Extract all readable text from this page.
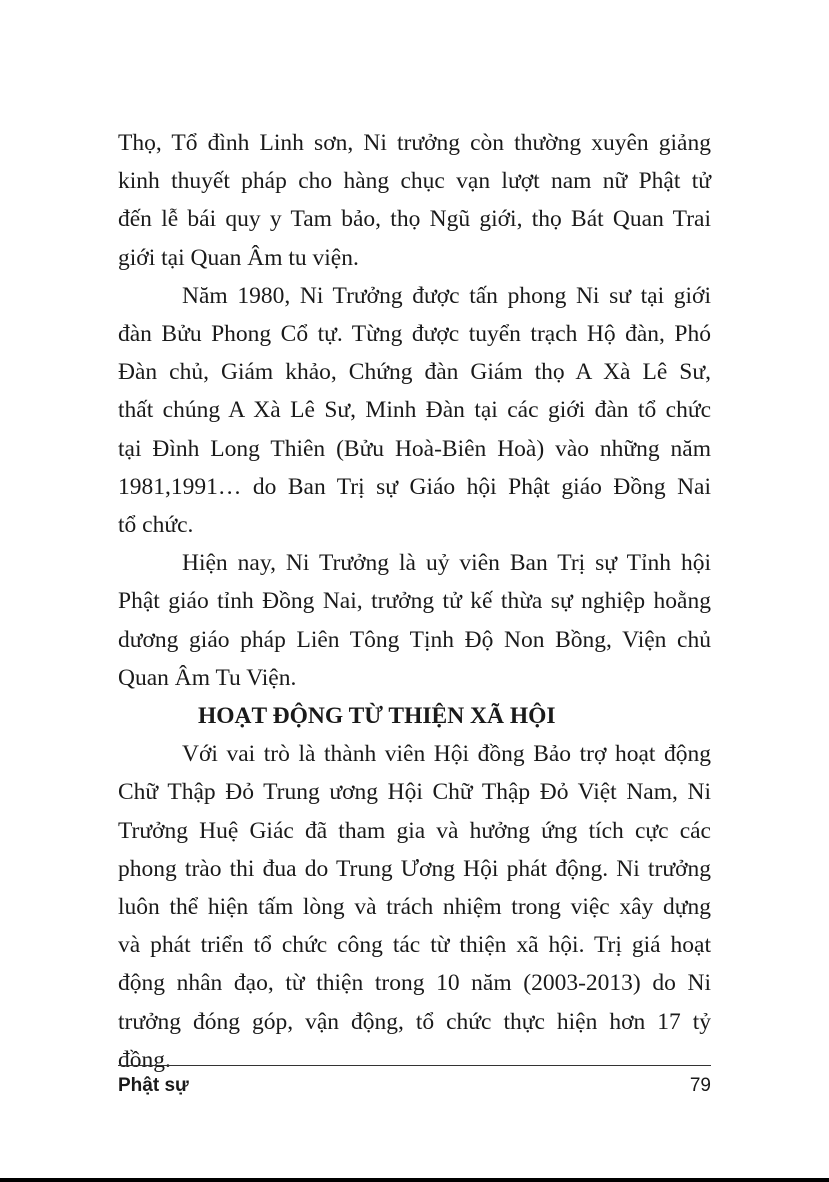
Thọ, Tổ đình Linh sơn, Ni trưởng còn thường xuyên giảng
kinh thuyết pháp cho hàng chục vạn lượt nam nữ Phật tử
đến lễ bái quy y Tam bảo, thọ Ngũ giới, thọ Bát Quan Trai
giới tại Quan Âm tu viện.

Năm 1980, Ni Trưởng được tấn phong Ni sư tại giới
đàn Bửu Phong Cổ tự. Từng được tuyển trạch Hộ đàn, Phó
Đàn chủ, Giám khảo, Chứng đàn Giám thọ A Xà Lê Sư,
thất chúng A Xà Lê Sư, Minh Đàn tại các giới đàn tổ chức
tại Đình Long Thiên (Bửu Hoà-Biên Hoà) vào những năm
1981,1991… do Ban Trị sự Giáo hội Phật giáo Đồng Nai
tổ chức.

Hiện nay, Ni Trưởng là uỷ viên Ban Trị sự Tỉnh hội
Phật giáo tỉnh Đồng Nai, trưởng tử kế thừa sự nghiệp hoằng
dương giáo pháp Liên Tông Tịnh Độ Non Bồng, Viện chủ
Quan Âm Tu Viện.

HOẠT ĐỘNG TỪ THIỆN XÃ HỘI

Với vai trò là thành viên Hội đồng Bảo trợ hoạt động
Chữ Thập Đỏ Trung ương Hội Chữ Thập Đỏ Việt Nam, Ni
Trưởng Huệ Giác đã tham gia và hưởng ứng tích cực các
phong trào thi đua do Trung Ương Hội phát động. Ni trưởng
luôn thể hiện tấm lòng và trách nhiệm trong việc xây dựng
và phát triển tổ chức công tác từ thiện xã hội. Trị giá hoạt
động nhân đạo, từ thiện trong 10 năm (2003-2013) do Ni
trưởng đóng góp, vận động, tổ chức thực hiện hơn 17 tỷ
đồng.

Phật sự	79
